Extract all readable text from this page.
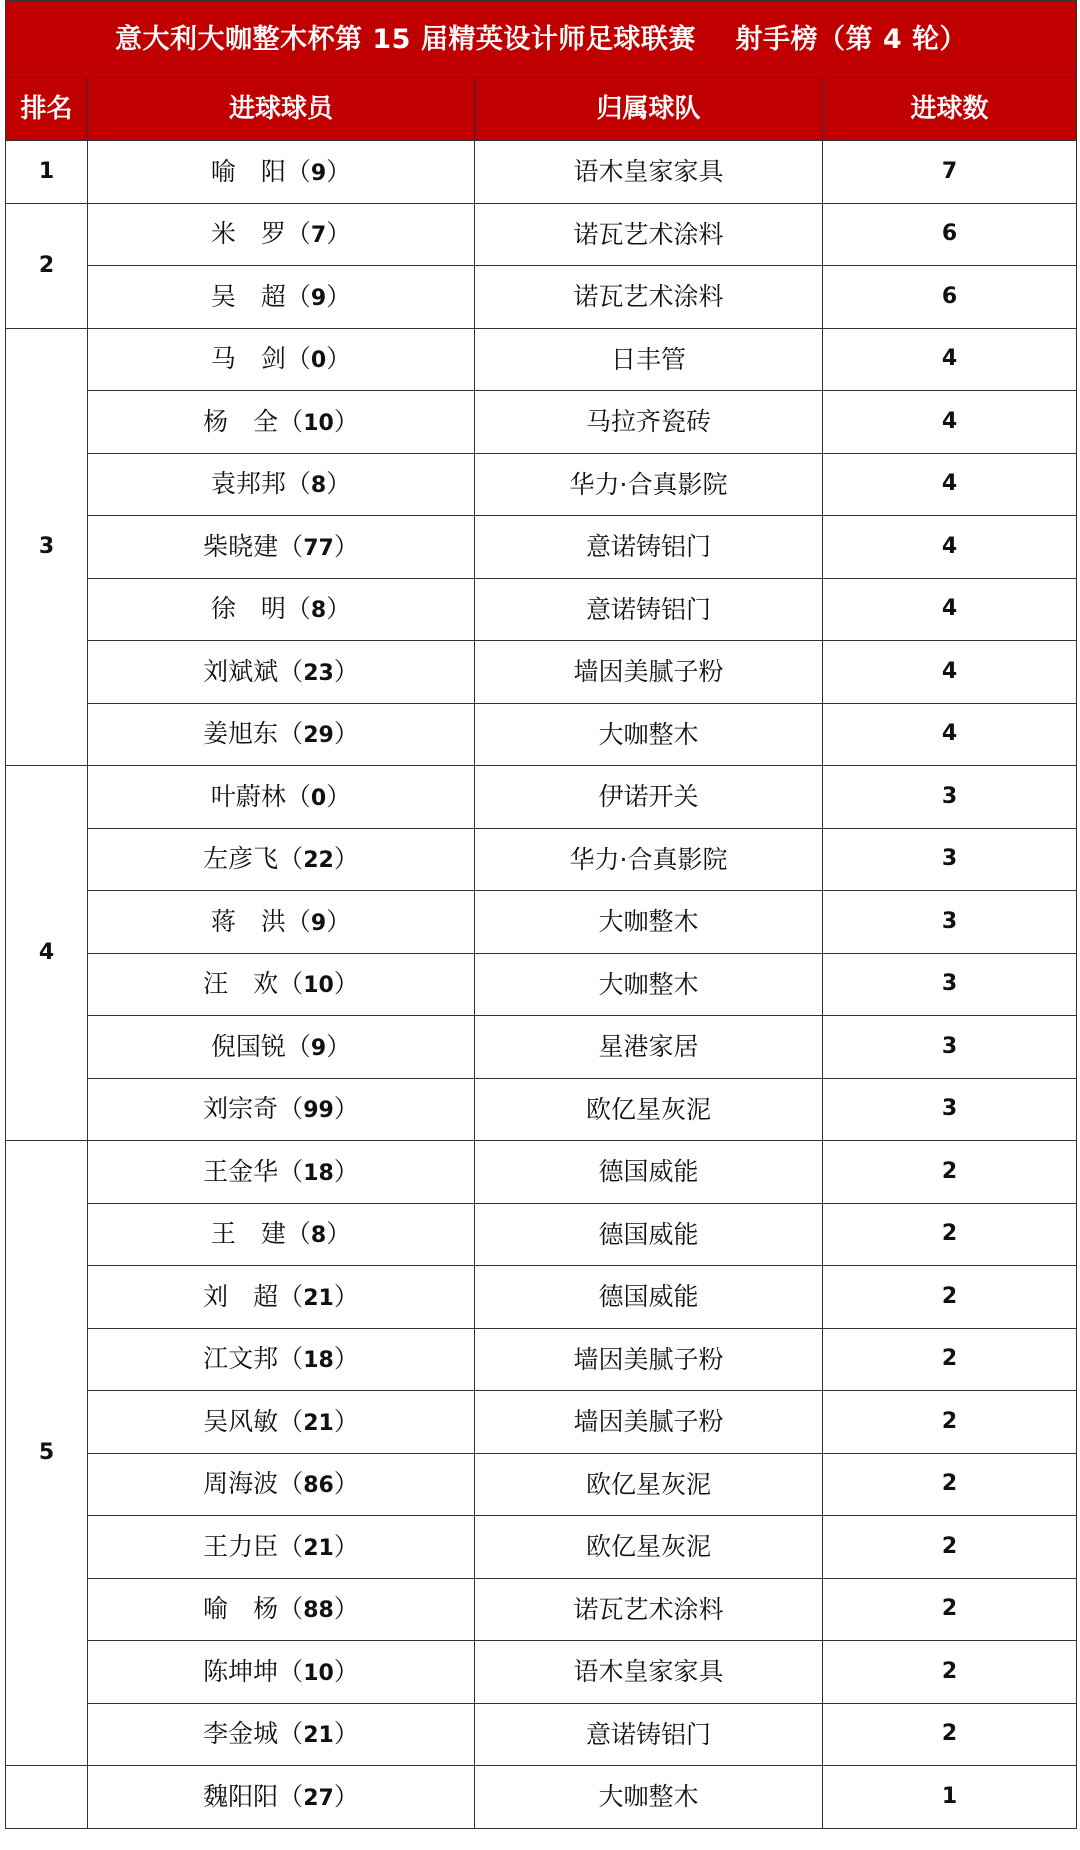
意大利大咖整木杯第 15 届精英设计师足球联赛    射手榜（第 4 轮）			
排名	进球球员	归属球队	进球数
1	喻　阳（9）	语木皇家家具	7
2	米　罗（7）	诺瓦艺术涂料	6
	吴　超（9）	诺瓦艺术涂料	6
3	马　剑（0）	日丰管	4
	杨　全（10）	马拉齐瓷砖	4
	袁邦邦（8）	华力·合真影院	4
	柴晓建（77）	意诺铸铝门	4
	徐　明（8）	意诺铸铝门	4
	刘斌斌（23）	墙因美腻子粉	4
	姜旭东（29）	大咖整木	4
4	叶蔚林（0）	伊诺开关	3
	左彦飞（22）	华力·合真影院	3
	蒋　洪（9）	大咖整木	3
	汪　欢（10）	大咖整木	3
	倪国锐（9）	星港家居	3
	刘宗奇（99）	欧亿星灰泥	3
5	王金华（18）	德国威能	2
	王　建（8）	德国威能	2
	刘　超（21）	德国威能	2
	江文邦（18）	墙因美腻子粉	2
	吴风敏（21）	墙因美腻子粉	2
	周海波（86）	欧亿星灰泥	2
	王力臣（21）	欧亿星灰泥	2
	喻　杨（88）	诺瓦艺术涂料	2
	陈坤坤（10）	语木皇家家具	2
	李金城（21）	意诺铸铝门	2
	魏阳阳（27）	大咖整木	1
